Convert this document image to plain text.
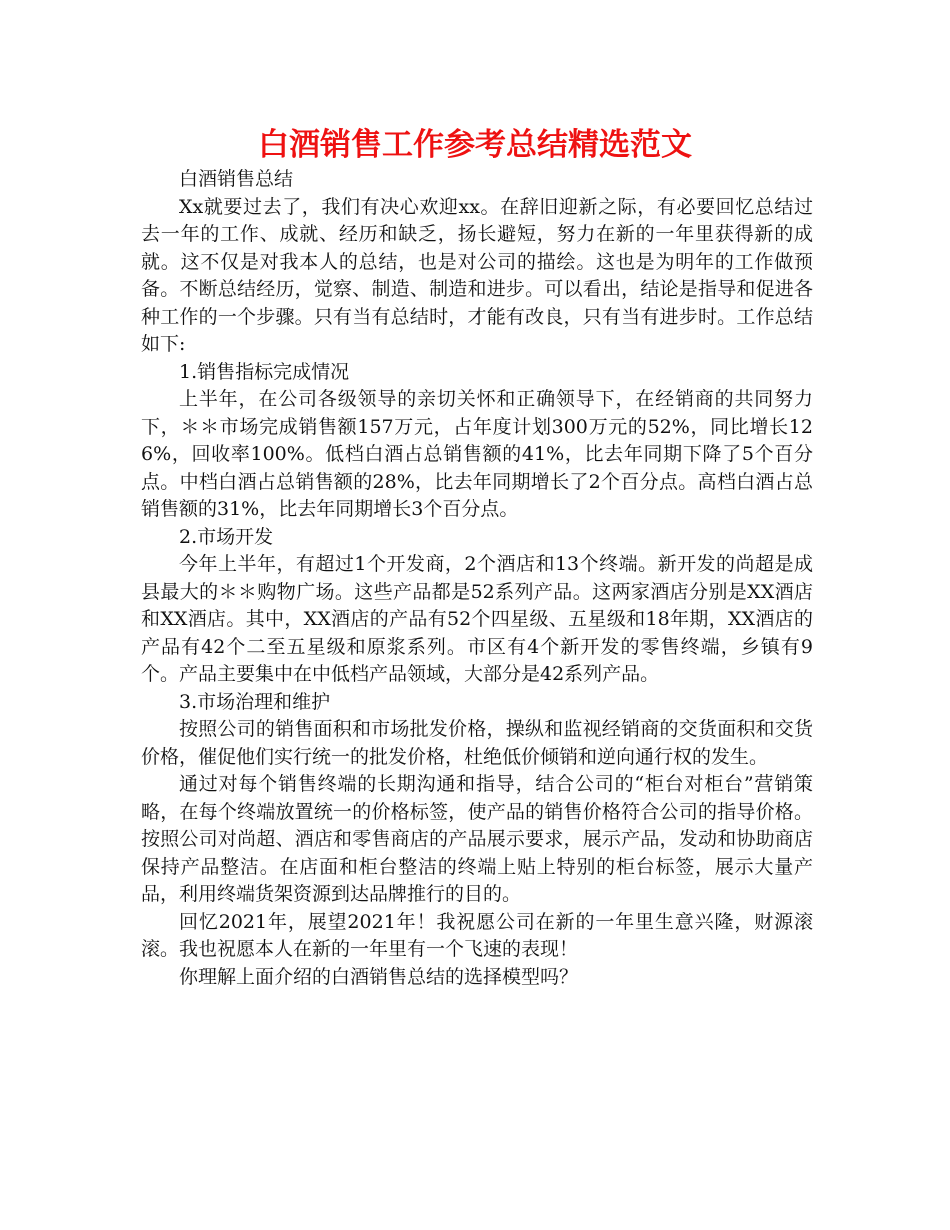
白酒销售工作参考总结精选范文

白酒销售总结

Xx就要过去了，我们有决心欢迎xx。在辞旧迎新之际，有必要回忆总结过去一年的工作、成就、经历和缺乏，扬长避短，努力在新的一年里获得新的成就。这不仅是对我本人的总结，也是对公司的描绘。这也是为明年的工作做预备。不断总结经历，觉察、制造、制造和进步。可以看出，结论是指导和促进各种工作的一个步骤。只有当有总结时，才能有改良，只有当有进步时。工作总结如下:

1.销售指标完成情况

上半年，在公司各级领导的亲切关怀和正确领导下，在经销商的共同努力下，＊＊市场完成销售额157万元，占年度计划300万元的52%，同比增长126%，回收率100%。低档白酒占总销售额的41%，比去年同期下降了5个百分点。中档白酒占总销售额的28%，比去年同期增长了2个百分点。高档白酒占总销售额的31%，比去年同期增长3个百分点。

2.市场开发

今年上半年，有超过1个开发商，2个酒店和13个终端。新开发的尚超是成县最大的＊＊购物广场。这些产品都是52系列产品。这两家酒店分别是XX酒店和XX酒店。其中，XX酒店的产品有52个四星级、五星级和18年期，XX酒店的产品有42个二至五星级和原浆系列。市区有4个新开发的零售终端，乡镇有9个。产品主要集中在中低档产品领域，大部分是42系列产品。

3.市场治理和维护

按照公司的销售面积和市场批发价格，操纵和监视经销商的交货面积和交货价格，催促他们实行统一的批发价格，杜绝低价倾销和逆向通行权的发生。

通过对每个销售终端的长期沟通和指导，结合公司的“柜台对柜台”营销策略，在每个终端放置统一的价格标签，使产品的销售价格符合公司的指导价格。按照公司对尚超、酒店和零售商店的产品展示要求，展示产品，发动和协助商店保持产品整洁。在店面和柜台整洁的终端上贴上特别的柜台标签，展示大量产品，利用终端货架资源到达品牌推行的目的。

回忆2021年，展望2021年！我祝愿公司在新的一年里生意兴隆，财源滚滚。我也祝愿本人在新的一年里有一个飞速的表现！

你理解上面介绍的白酒销售总结的选择模型吗？
